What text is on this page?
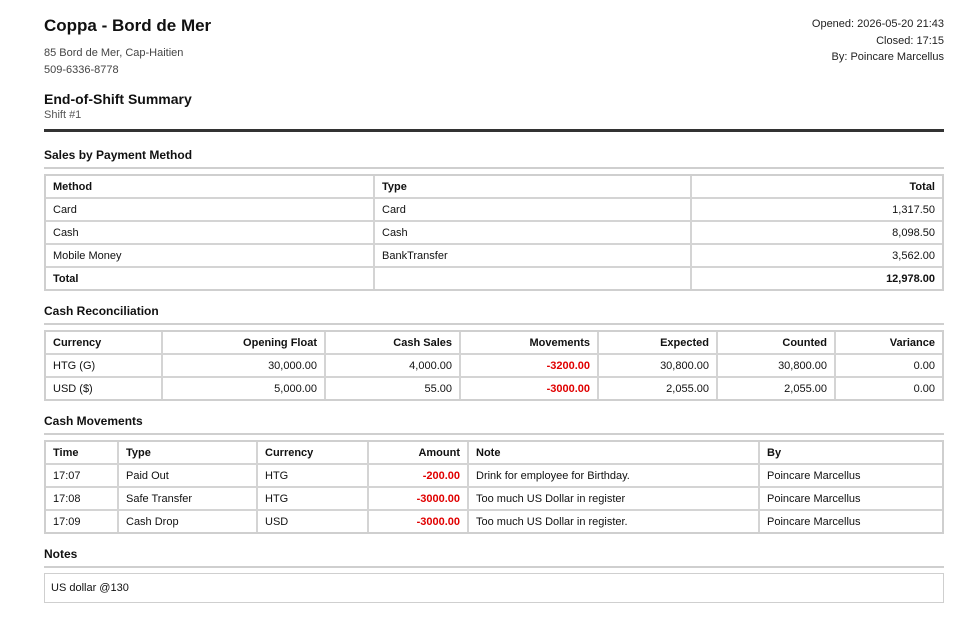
Coppa - Bord de Mer
85 Bord de Mer, Cap-Haitien
509-6336-8778
End-of-Shift Summary
Shift #1
Opened: 2026-05-20 21:43
Closed: 17:15
By: Poincare Marcellus
Sales by Payment Method
Method	Type	Total
Card	Card	1,317.50
Cash	Cash	8,098.50
Mobile Money	BankTransfer	3,562.00
Total		12,978.00
Cash Reconciliation
Currency	Opening Float	Cash Sales	Movements	Expected	Counted	Variance
HTG (G)	30,000.00	4,000.00	-3200.00	30,800.00	30,800.00	0.00
USD ($)	5,000.00	55.00	-3000.00	2,055.00	2,055.00	0.00
Cash Movements
Time	Type	Currency	Amount	Note	By
17:07	Paid Out	HTG	-200.00	Drink for employee for Birthday.	Poincare Marcellus
17:08	Safe Transfer	HTG	-3000.00	Too much US Dollar in register	Poincare Marcellus
17:09	Cash Drop	USD	-3000.00	Too much US Dollar in register.	Poincare Marcellus
Notes
US dollar @130
